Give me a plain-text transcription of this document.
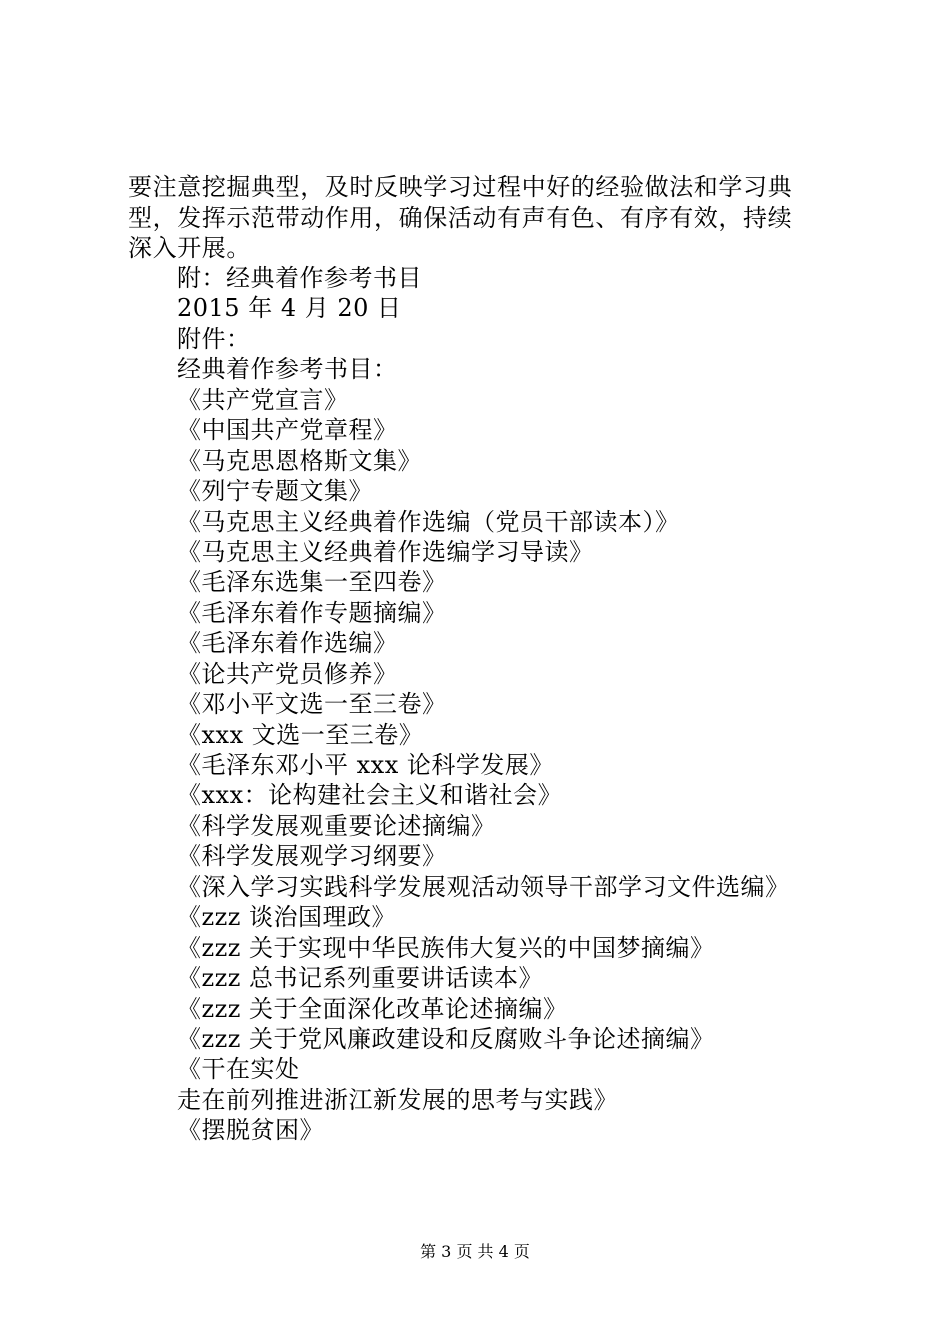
要注意挖掘典型，及时反映学习过程中好的经验做法和学习典
型，发挥示范带动作用，确保活动有声有色、有序有效，持续
深入开展。
附：经典着作参考书目
2015 年 4 月 20 日
附件：
经典着作参考书目：
《共产党宣言》
《中国共产党章程》
《马克思恩格斯文集》
《列宁专题文集》
《马克思主义经典着作选编（党员干部读本）》
《马克思主义经典着作选编学习导读》
《毛泽东选集一至四卷》
《毛泽东着作专题摘编》
《毛泽东着作选编》
《论共产党员修养》
《邓小平文选一至三卷》
《xxx 文选一至三卷》
《毛泽东邓小平 xxx 论科学发展》
《xxx：论构建社会主义和谐社会》
《科学发展观重要论述摘编》
《科学发展观学习纲要》
《深入学习实践科学发展观活动领导干部学习文件选编》
《zzz 谈治国理政》
《zzz 关于实现中华民族伟大复兴的中国梦摘编》
《zzz 总书记系列重要讲话读本》
《zzz 关于全面深化改革论述摘编》
《zzz 关于党风廉政建设和反腐败斗争论述摘编》
《干在实处
走在前列推进浙江新发展的思考与实践》
《摆脱贫困》
第 3 页 共 4 页
